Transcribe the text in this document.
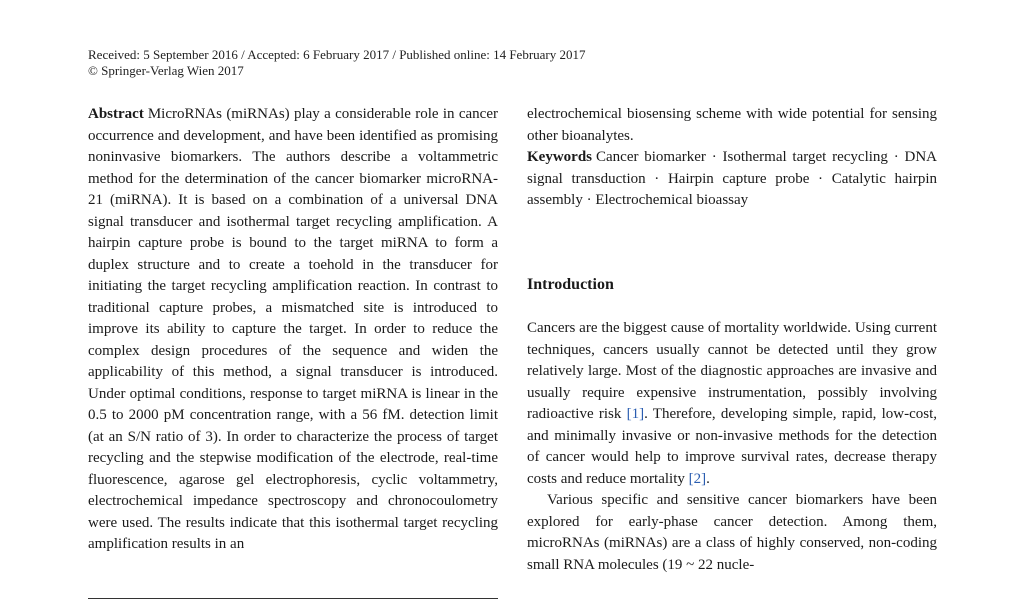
Received: 5 September 2016 / Accepted: 6 February 2017 / Published online: 14 February 2017
© Springer-Verlag Wien 2017

Abstract MicroRNAs (miRNAs) play a considerable role in cancer occurrence and development, and have been identified as promising noninvasive biomarkers. The authors describe a voltammetric method for the determination of the cancer biomarker microRNA-21 (miRNA). It is based on a combination of a universal DNA signal transducer and isothermal target recycling amplification. A hairpin capture probe is bound to the target miRNA to form a duplex structure and to create a toehold in the transducer for initiating the target recycling amplification reaction. In contrast to traditional capture probes, a mismatched site is introduced to improve its ability to capture the target. In order to reduce the complex design procedures of the sequence and widen the applicability of this method, a signal transducer is introduced. Under optimal conditions, response to target miRNA is linear in the 0.5 to 2000 pM concentration range, with a 56 fM. detection limit (at an S/N ratio of 3). In order to characterize the process of target recycling and the stepwise modification of the electrode, real-time fluorescence, agarose gel electrophoresis, cyclic voltammetry, electrochemical impedance spectroscopy and chronocoulometry were used. The results indicate that this isothermal target recycling amplification results in an

electrochemical biosensing scheme with wide potential for sensing other bioanalytes.

Keywords Cancer biomarker · Isothermal target recycling · DNA signal transduction · Hairpin capture probe · Catalytic hairpin assembly · Electrochemical bioassay

Introduction

Cancers are the biggest cause of mortality worldwide. Using current techniques, cancers usually cannot be detected until they grow relatively large. Most of the diagnostic approaches are invasive and usually require expensive instrumentation, possibly involving radioactive risk [1]. Therefore, developing simple, rapid, low-cost, and minimally invasive or non-invasive methods for the detection of cancer would help to improve survival rates, decrease therapy costs and reduce mortality [2].

Various specific and sensitive cancer biomarkers have been explored for early-phase cancer detection. Among them, microRNAs (miRNAs) are a class of highly conserved, non-coding small RNA molecules (19 ~ 22 nucle-
